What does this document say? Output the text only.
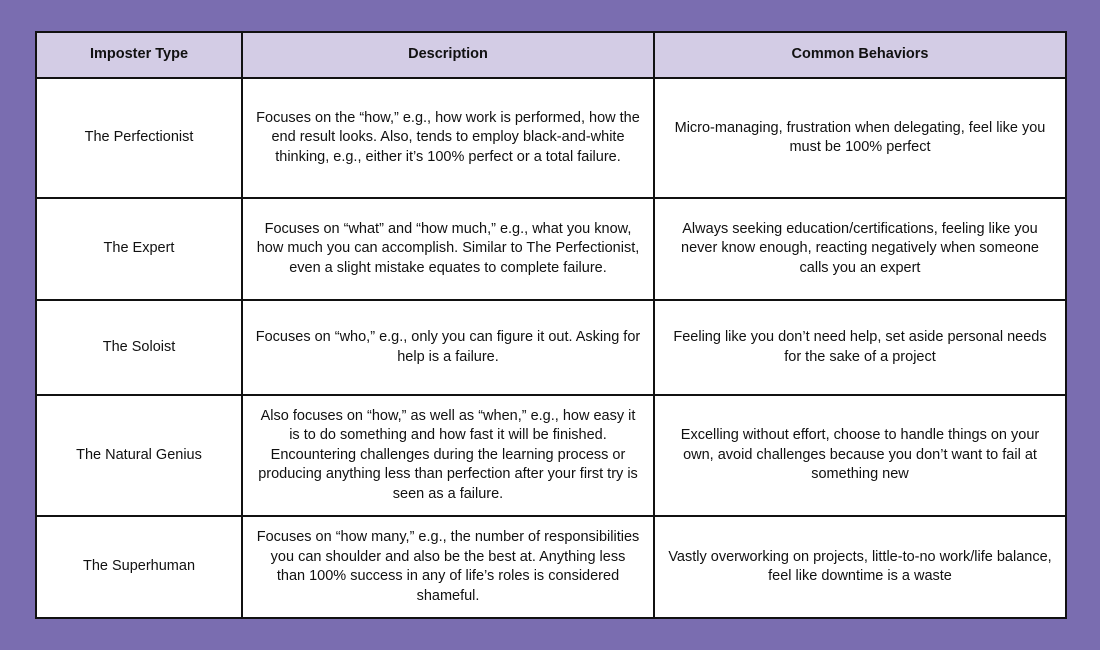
Imposter Type	Description	Common Behaviors
The Perfectionist	Focuses on the “how,” e.g., how work is performed, how the end result looks. Also, tends to employ black-and-white thinking, e.g., either it’s 100% perfect or a total failure.	Micro-managing, frustration when delegating, feel like you must be 100% perfect
The Expert	Focuses on “what” and “how much,” e.g., what you know, how much you can accomplish. Similar to The Perfectionist, even a slight mistake equates to complete failure.	Always seeking education/certifications, feeling like you never know enough, reacting negatively when someone calls you an expert
The Soloist	Focuses on “who,” e.g., only you can figure it out. Asking for help is a failure.	Feeling like you don’t need help, set aside personal needs for the sake of a project
The Natural Genius	Also focuses on “how,” as well as “when,” e.g., how easy it is to do something and how fast it will be finished. Encountering challenges during the learning process or producing anything less than perfection after your first try is seen as a failure.	Excelling without effort, choose to handle things on your own, avoid challenges because you don’t want to fail at something new
The Superhuman	Focuses on “how many,” e.g., the number of responsibilities you can shoulder and also be the best at. Anything less than 100% success in any of life’s roles is considered shameful.	Vastly overworking on projects, little-to-no work/life balance, feel like downtime is a waste
